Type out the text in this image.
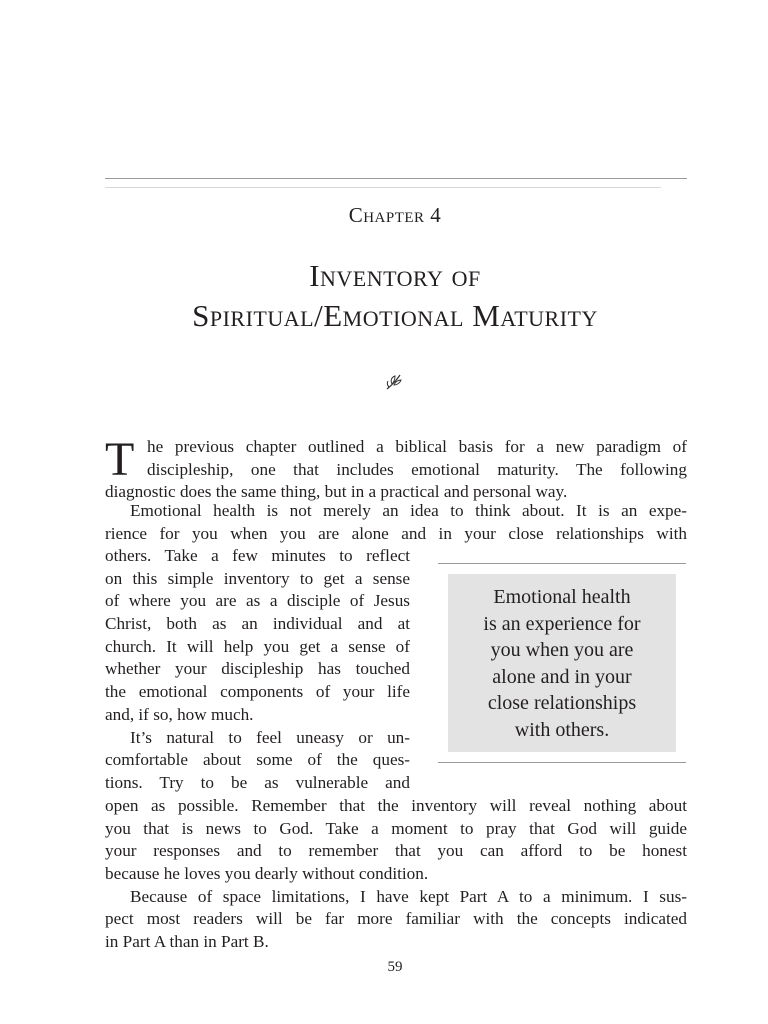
Chapter 4
Inventory of
Spiritual/Emotional Maturity
T he previous chapter outlined a biblical basis for a new paradigm of
discipleship, one that includes emotional maturity. The following
diagnostic does the same thing, but in a practical and personal way.
Emotional health is not merely an idea to think about. It is an expe-
rience for you when you are alone and in your close relationships with
others. Take a few minutes to reflect
on this simple inventory to get a sense
of where you are as a disciple of Jesus
Christ, both as an individual and at
church. It will help you get a sense of
whether your discipleship has touched
the emotional components of your life
and, if so, how much.
It’s natural to feel uneasy or un-
comfortable about some of the ques-
tions. Try to be as vulnerable and
open as possible. Remember that the inventory will reveal nothing about
you that is news to God. Take a moment to pray that God will guide
your responses and to remember that you can afford to be honest
because he loves you dearly without condition.
Because of space limitations, I have kept Part A to a minimum. I sus-
pect most readers will be far more familiar with the concepts indicated
in Part A than in Part B.
Emotional health
is an experience for
you when you are
alone and in your
close relationships
with others.
59
